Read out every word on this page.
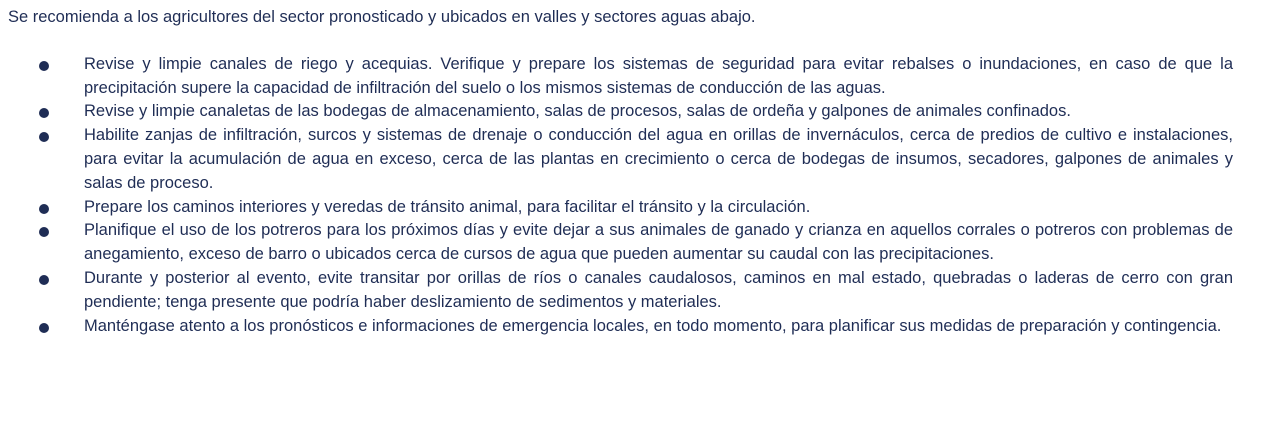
Se recomienda a los agricultores del sector pronosticado y ubicados en valles y sectores aguas abajo.

Revise y limpie canales de riego y acequias. Verifique y prepare los sistemas de seguridad para evitar rebalses o inundaciones, en caso de que la precipitación supere la capacidad de infiltración del suelo o los mismos sistemas de conducción de las aguas.
Revise y limpie canaletas de las bodegas de almacenamiento, salas de procesos, salas de ordeña y galpones de animales confinados.
Habilite zanjas de infiltración, surcos y sistemas de drenaje o conducción del agua en orillas de invernáculos, cerca de predios de cultivo e instalaciones, para evitar la acumulación de agua en exceso, cerca de las plantas en crecimiento o cerca de bodegas de insumos, secadores, galpones de animales y salas de proceso.
Prepare los caminos interiores y veredas de tránsito animal, para facilitar el tránsito y la circulación.
Planifique el uso de los potreros para los próximos días y evite dejar a sus animales de ganado y crianza en aquellos corrales o potreros con problemas de anegamiento, exceso de barro o ubicados cerca de cursos de agua que pueden aumentar su caudal con las precipitaciones.
Durante y posterior al evento, evite transitar por orillas de ríos o canales caudalosos, caminos en mal estado, quebradas o laderas de cerro con gran pendiente; tenga presente que podría haber deslizamiento de sedimentos y materiales.
Manténgase atento a los pronósticos e informaciones de emergencia locales, en todo momento, para planificar sus medidas de preparación y contingencia.
